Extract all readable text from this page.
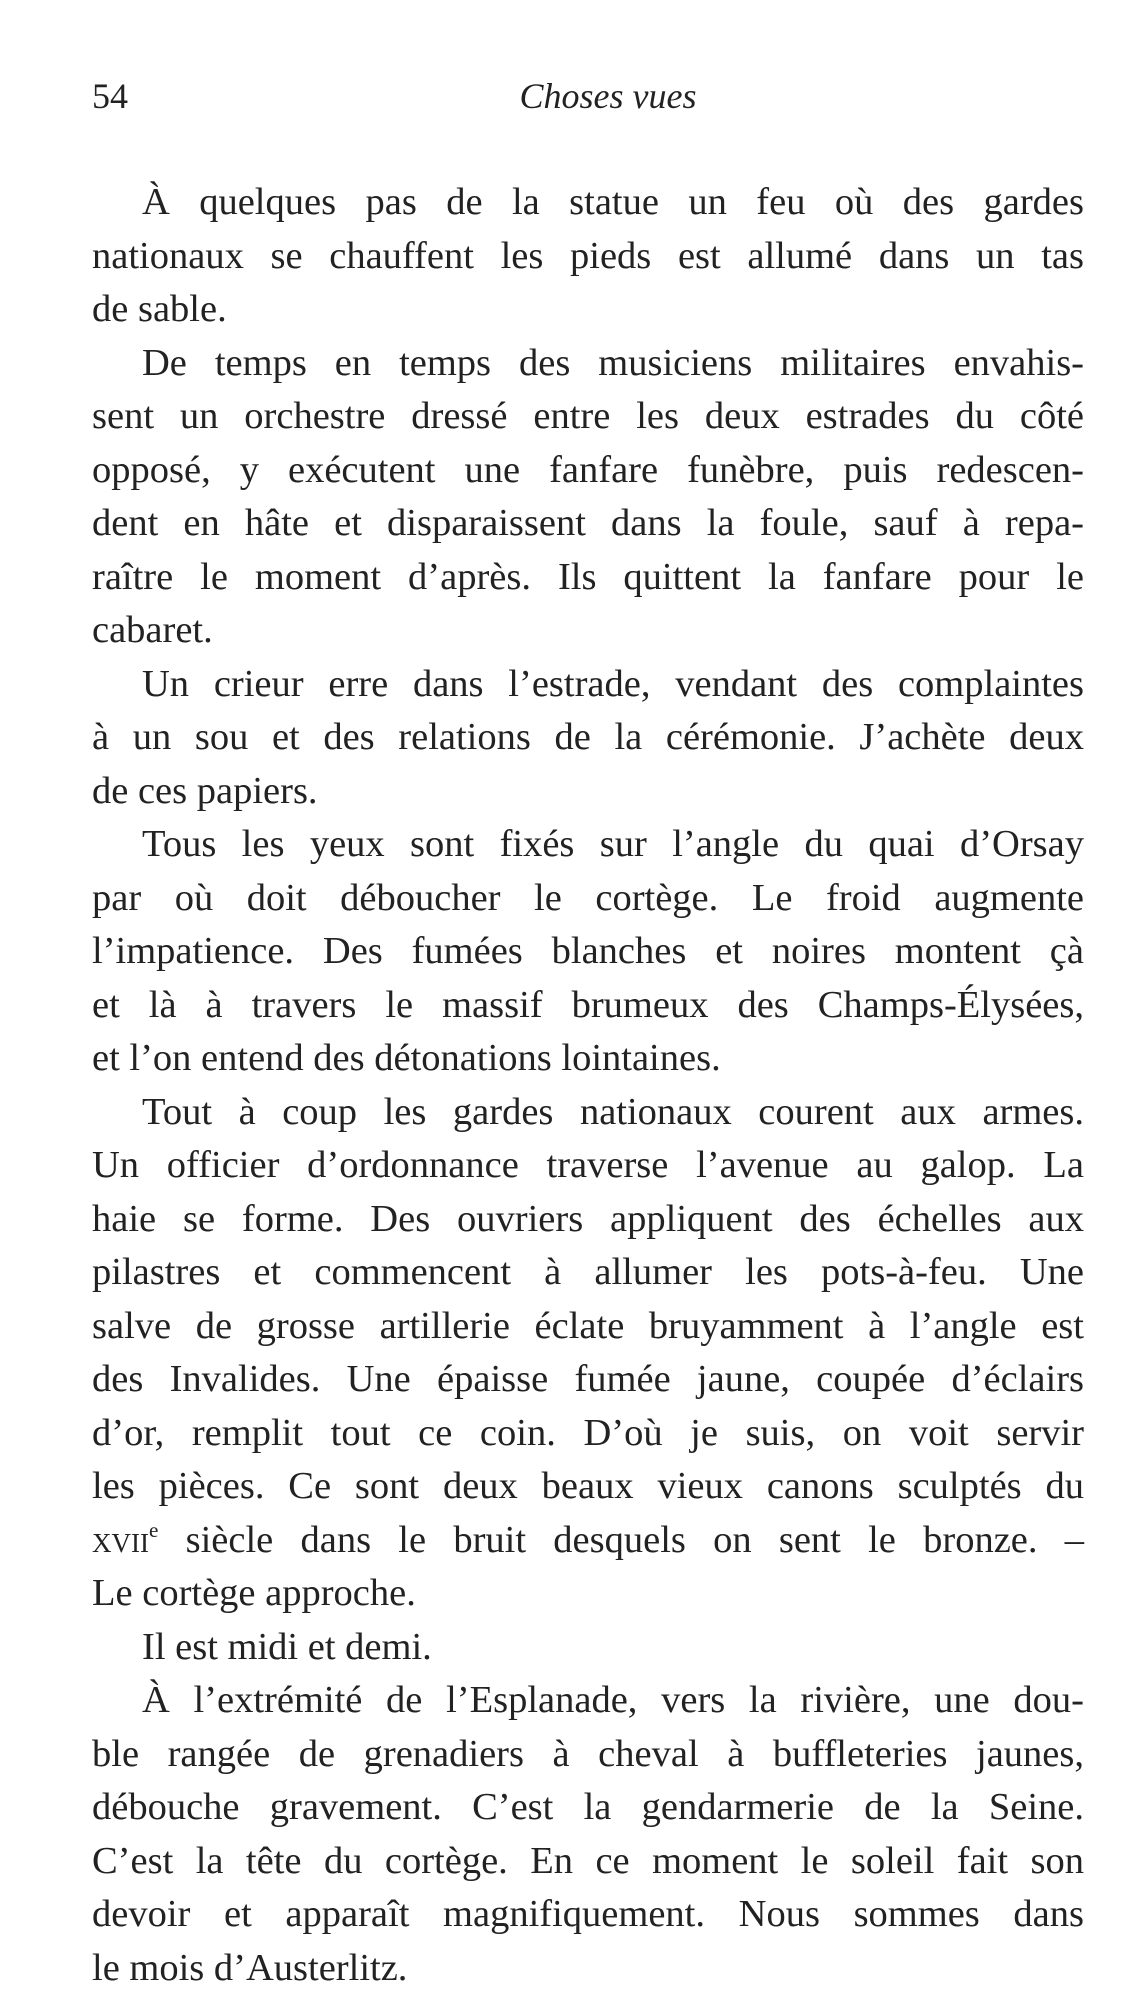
54	Choses vues
À quelques pas de la statue un feu où des gardes
nationaux se chauffent les pieds est allumé dans un tas
de sable.
De temps en temps des musiciens militaires envahis-
sent un orchestre dressé entre les deux estrades du côté
opposé, y exécutent une fanfare funèbre, puis redescen-
dent en hâte et disparaissent dans la foule, sauf à repa-
raître le moment d’après. Ils quittent la fanfare pour le
cabaret.
Un crieur erre dans l’estrade, vendant des complaintes
à un sou et des relations de la cérémonie. J’achète deux
de ces papiers.
Tous les yeux sont fixés sur l’angle du quai d’Orsay
par où doit déboucher le cortège. Le froid augmente
l’impatience. Des fumées blanches et noires montent çà
et là à travers le massif brumeux des Champs-Élysées,
et l’on entend des détonations lointaines.
Tout à coup les gardes nationaux courent aux armes.
Un officier d’ordonnance traverse l’avenue au galop. La
haie se forme. Des ouvriers appliquent des échelles aux
pilastres et commencent à allumer les pots-à-feu. Une
salve de grosse artillerie éclate bruyamment à l’angle est
des Invalides. Une épaisse fumée jaune, coupée d’éclairs
d’or, remplit tout ce coin. D’où je suis, on voit servir
les pièces. Ce sont deux beaux vieux canons sculptés du
xvii$^e$ siècle dans le bruit desquels on sent le bronze. –
Le cortège approche.
Il est midi et demi.
À l’extrémité de l’Esplanade, vers la rivière, une dou-
ble rangée de grenadiers à cheval à buffleteries jaunes,
débouche gravement. C’est la gendarmerie de la Seine.
C’est la tête du cortège. En ce moment le soleil fait son
devoir et apparaît magnifiquement. Nous sommes dans
le mois d’Austerlitz.
